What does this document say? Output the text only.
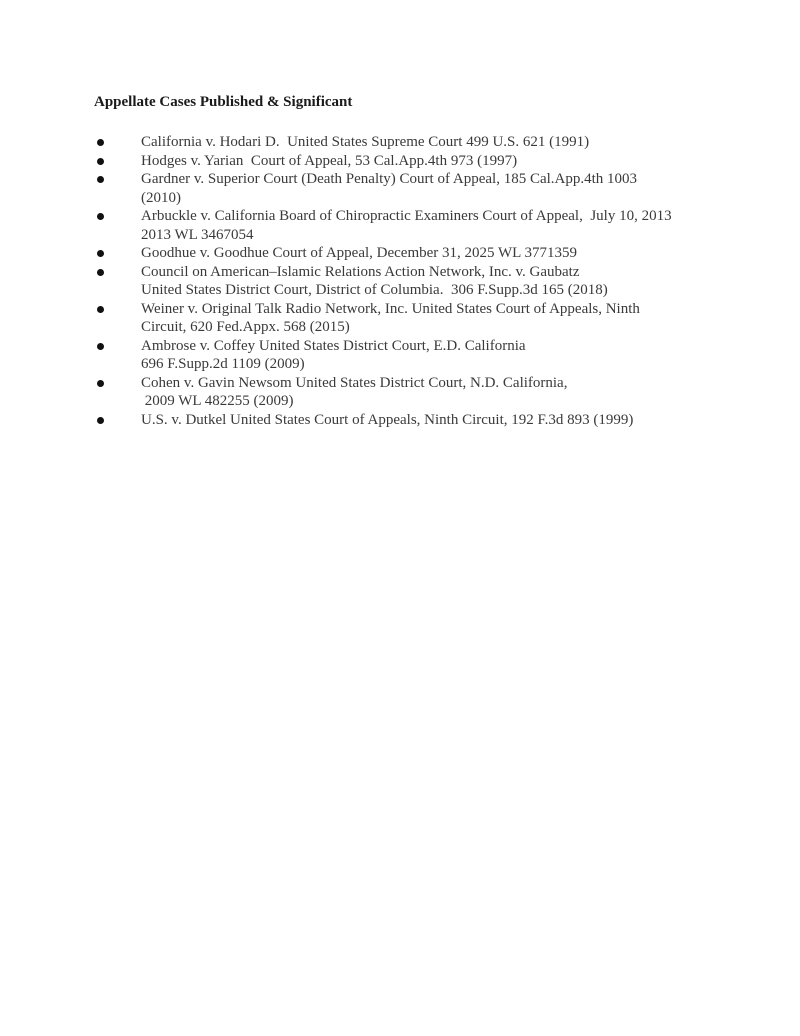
Appellate Cases Published & Significant
California v. Hodari D.  United States Supreme Court 499 U.S. 621 (1991)
Hodges v. Yarian  Court of Appeal, 53 Cal.App.4th 973 (1997)
Gardner v. Superior Court (Death Penalty) Court of Appeal, 185 Cal.App.4th 1003
(2010)
Arbuckle v. California Board of Chiropractic Examiners Court of Appeal,  July 10, 2013
2013 WL 3467054
Goodhue v. Goodhue Court of Appeal, December 31, 2025 WL 3771359
Council on American–Islamic Relations Action Network, Inc. v. Gaubatz
United States District Court, District of Columbia.  306 F.Supp.3d 165 (2018)
Weiner v. Original Talk Radio Network, Inc. United States Court of Appeals, Ninth
Circuit, 620 Fed.Appx. 568 (2015)
Ambrose v. Coffey United States District Court, E.D. California
696 F.Supp.2d 1109 (2009)
Cohen v. Gavin Newsom United States District Court, N.D. California,
2009 WL 482255 (2009)
U.S. v. Dutkel United States Court of Appeals, Ninth Circuit, 192 F.3d 893 (1999)
